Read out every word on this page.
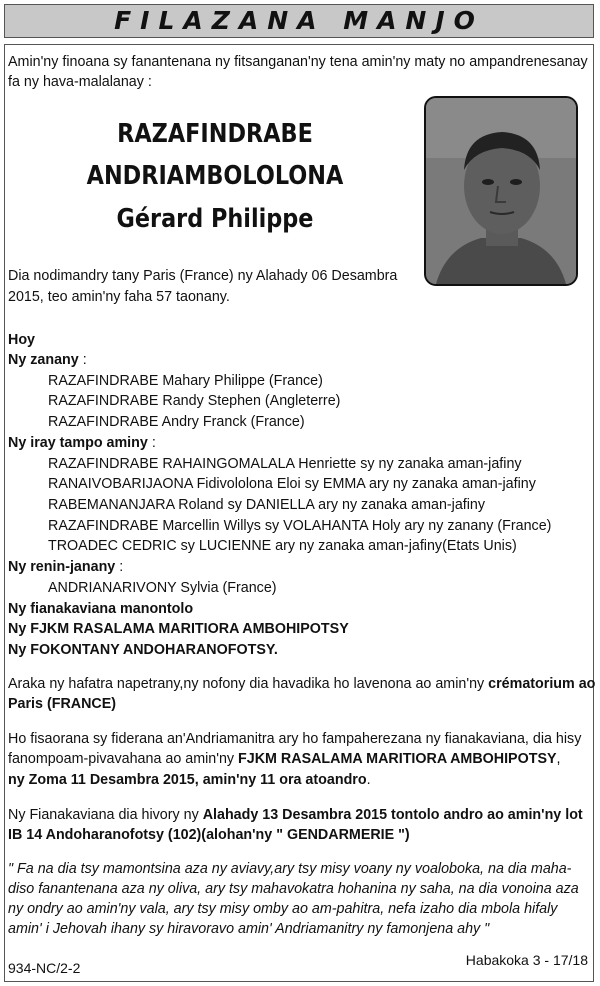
FILAZANA MANJO
Amin'ny finoana sy fanantenana ny fitsanganan'ny tena amin'ny maty no ampandrenesanay
fa ny hava-malalanay :
RAZAFINDRABE
ANDRIAMBOLOLONA
Gérard Philippe
Dia nodimandry tany Paris (France) ny Alahady 06 Desambra
2015, teo amin'ny faha 57 taonany.
Hoy
Ny zanany :
RAZAFINDRABE Mahary Philippe (France)
RAZAFINDRABE Randy Stephen (Angleterre)
RAZAFINDRABE Andry Franck (France)
Ny iray tampo aminy :
RAZAFINDRABE RAHAINGOMALALA Henriette sy ny zanaka aman-jafiny
RANAIVOBARIJAONA Fidivololona Eloi sy EMMA ary ny zanaka aman-jafiny
RABEMANANJARA Roland sy DANIELLA ary ny zanaka aman-jafiny
RAZAFINDRABE Marcellin Willys sy VOLAHANTA Holy ary ny zanany (France)
TROADEC CEDRIC sy LUCIENNE ary ny zanaka aman-jafiny(Etats Unis)
Ny renin-janany :
ANDRIANARIVONY Sylvia (France)
Ny fianakaviana manontolo
Ny FJKM RASALAMA MARITIORA AMBOHIPOTSY
Ny FOKONTANY ANDOHARANOFOTSY.
Araka ny hafatra napetrany,ny nofony dia havadika ho lavenona ao amin'ny crématorium ao
Paris (FRANCE)
Ho fisaorana sy fiderana an'Andriamanitra ary ho fampaherezana ny fianakaviana, dia hisy
fanompoam-pivavahana ao amin'ny FJKM RASALAMA MARITIORA AMBOHIPOTSY,
ny Zoma 11 Desambra 2015, amin'ny 11 ora atoandro.
Ny Fianakaviana dia hivory ny Alahady 13 Desambra 2015 tontolo andro ao amin'ny lot
IB 14 Andoharanofotsy (102)(alohan'ny " GENDARMERIE ")
" Fa na dia tsy mamontsina aza ny aviavy,ary tsy misy voany ny voaloboka, na dia maha-
diso fanantenana aza ny oliva, ary tsy mahavokatra hohanina ny saha, na dia vonoina aza
ny ondry ao amin'ny vala, ary tsy misy omby ao am-pahitra, nefa izaho dia mbola hifaly
amin' i Jehovah ihany sy hiravoravo amin' Andriamanitry ny famonjena ahy "
934-NC/2-2	Habakoka 3 - 17/18
